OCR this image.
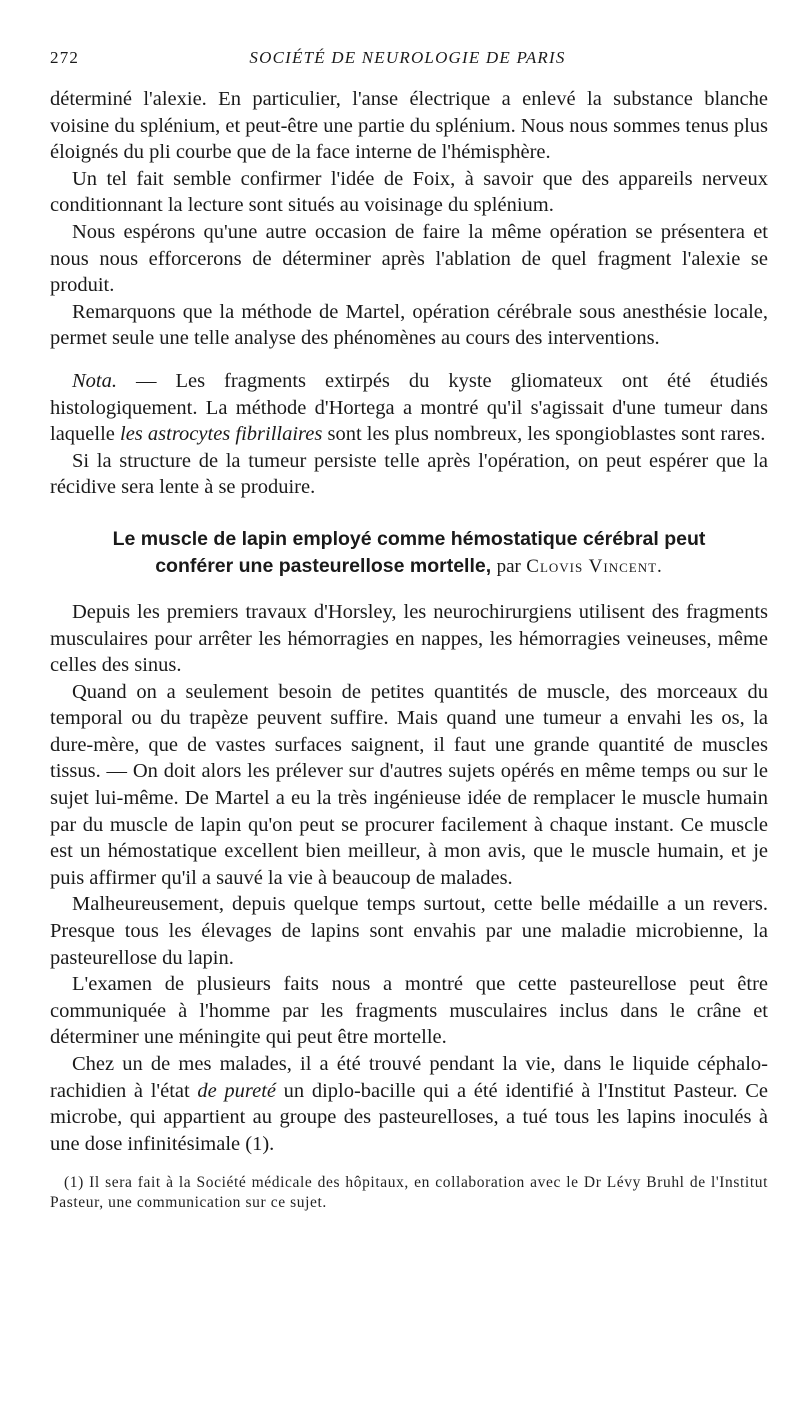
272	SOCIÉTÉ DE NEUROLOGIE DE PARIS

déterminé l'alexie. En particulier, l'anse électrique a enlevé la substance blanche voisine du splénium, et peut-être une partie du splénium. Nous nous sommes tenus plus éloignés du pli courbe que de la face interne de l'hémisphère.

Un tel fait semble confirmer l'idée de Foix, à savoir que des appareils nerveux conditionnant la lecture sont situés au voisinage du splénium.

Nous espérons qu'une autre occasion de faire la même opération se présentera et nous nous efforcerons de déterminer après l'ablation de quel fragment l'alexie se produit.

Remarquons que la méthode de Martel, opération cérébrale sous anesthésie locale, permet seule une telle analyse des phénomènes au cours des interventions.

Nota. — Les fragments extirpés du kyste gliomateux ont été étudiés histologiquement. La méthode d'Hortega a montré qu'il s'agissait d'une tumeur dans laquelle les astrocytes fibrillaires sont les plus nombreux, les spongioblastes sont rares.

Si la structure de la tumeur persiste telle après l'opération, on peut espérer que la récidive sera lente à se produire.

Le muscle de lapin employé comme hémostatique cérébral peut
conférer une pasteurellose mortelle, par Clovis Vincent.

Depuis les premiers travaux d'Horsley, les neurochirurgiens utilisent des fragments musculaires pour arrêter les hémorragies en nappes, les hémorragies veineuses, même celles des sinus.

Quand on a seulement besoin de petites quantités de muscle, des morceaux du temporal ou du trapèze peuvent suffire. Mais quand une tumeur a envahi les os, la dure-mère, que de vastes surfaces saignent, il faut une grande quantité de muscles tissus. — On doit alors les prélever sur d'autres sujets opérés en même temps ou sur le sujet lui-même. De Martel a eu la très ingénieuse idée de remplacer le muscle humain par du muscle de lapin qu'on peut se procurer facilement à chaque instant. Ce muscle est un hémostatique excellent bien meilleur, à mon avis, que le muscle humain, et je puis affirmer qu'il a sauvé la vie à beaucoup de malades.

Malheureusement, depuis quelque temps surtout, cette belle médaille a un revers. Presque tous les élevages de lapins sont envahis par une maladie microbienne, la pasteurellose du lapin.

L'examen de plusieurs faits nous a montré que cette pasteurellose peut être communiquée à l'homme par les fragments musculaires inclus dans le crâne et déterminer une méningite qui peut être mortelle.

Chez un de mes malades, il a été trouvé pendant la vie, dans le liquide céphalo-rachidien à l'état de pureté un diplo-bacille qui a été identifié à l'Institut Pasteur. Ce microbe, qui appartient au groupe des pasteurelloses, a tué tous les lapins inoculés à une dose infinitésimale (1).

(1) Il sera fait à la Société médicale des hôpitaux, en collaboration avec le Dr Lévy Bruhl de l'Institut Pasteur, une communication sur ce sujet.
